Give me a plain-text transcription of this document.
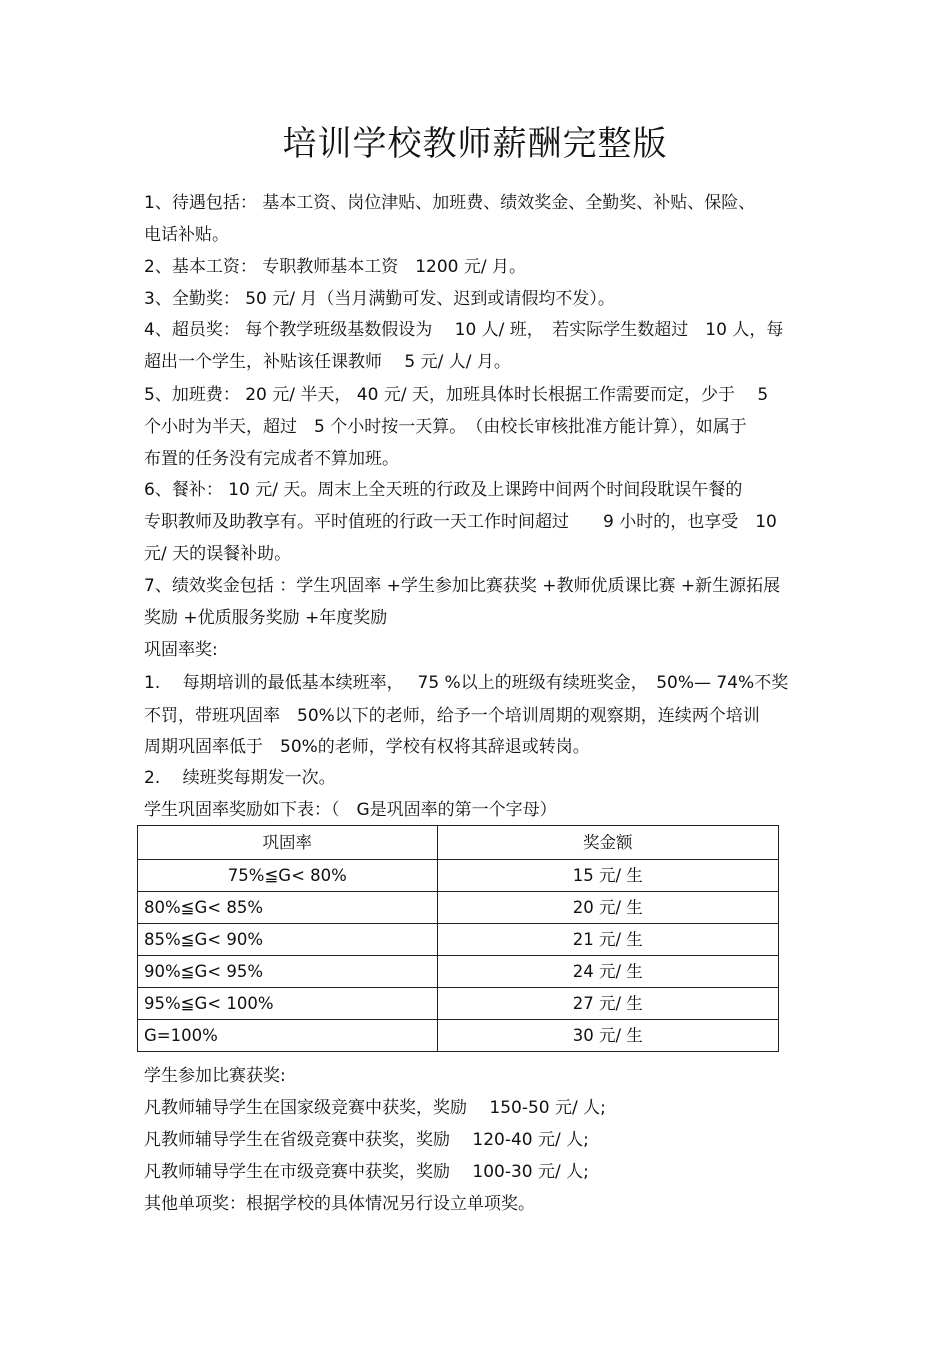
培训学校教师薪酬完整版
1、待遇包括： 基本工资、岗位津贴、加班费、绩效奖金、全勤奖、补贴、保险、
电话补贴。
2、基本工资： 专职教师基本工资　1200 元/ 月。
3、全勤奖： 50 元/ 月（当月满勤可发、迟到或请假均不发）。
4、超员奖： 每个教学班级基数假设为　 10 人/ 班，　若实际学生数超过　10 人，每
超出一个学生，补贴该任课教师　 5 元/ 人/ 月。
5、加班费： 20 元/ 半天， 40 元/ 天，加班具体时长根据工作需要而定，少于　 5
个小时为半天，超过　5 个小时按一天算。　（由校长审核批准方能计算），如属于
布置的任务没有完成者不算加班。
6、餐补： 10 元/ 天。周末上全天班的行政及上课跨中间两个时间段耽误午餐的
专职教师及助教享有。平时值班的行政一天工作时间超过　　9 小时的，也享受　10
元/ 天的误餐补助。
7、绩效奖金包括 ：学生巩固率 +学生参加比赛获奖 +教师优质课比赛 +新生源拓展
奖励 +优质服务奖励 +年度奖励
巩固率奖:
1.　 每期培训的最低基本续班率，　 75 %以上的班级有续班奖金，　50%— 74%不奖
不罚，带班巩固率　50%以下的老师，给予一个培训周期的观察期，连续两个培训
周期巩固率低于　50%的老师，学校有权将其辞退或转岗。
2.　 续班奖每期发一次。
学生巩固率奖励如下表：（　G是巩固率的第一个字母）
巩固率	奖金额
75%≦G< 80%	15 元/ 生
80%≦G< 85%	20 元/ 生
85%≦G< 90%	21 元/ 生
90%≦G< 95%	24 元/ 生
95%≦G< 100%	27 元/ 生
G=100%	30 元/ 生
学生参加比赛获奖:
凡教师辅导学生在国家级竞赛中获奖，奖励　 150-50 元/ 人;
凡教师辅导学生在省级竞赛中获奖，奖励　 120-40 元/ 人;
凡教师辅导学生在市级竞赛中获奖，奖励　 100-30 元/ 人;
其他单项奖：根据学校的具体情况另行设立单项奖。
